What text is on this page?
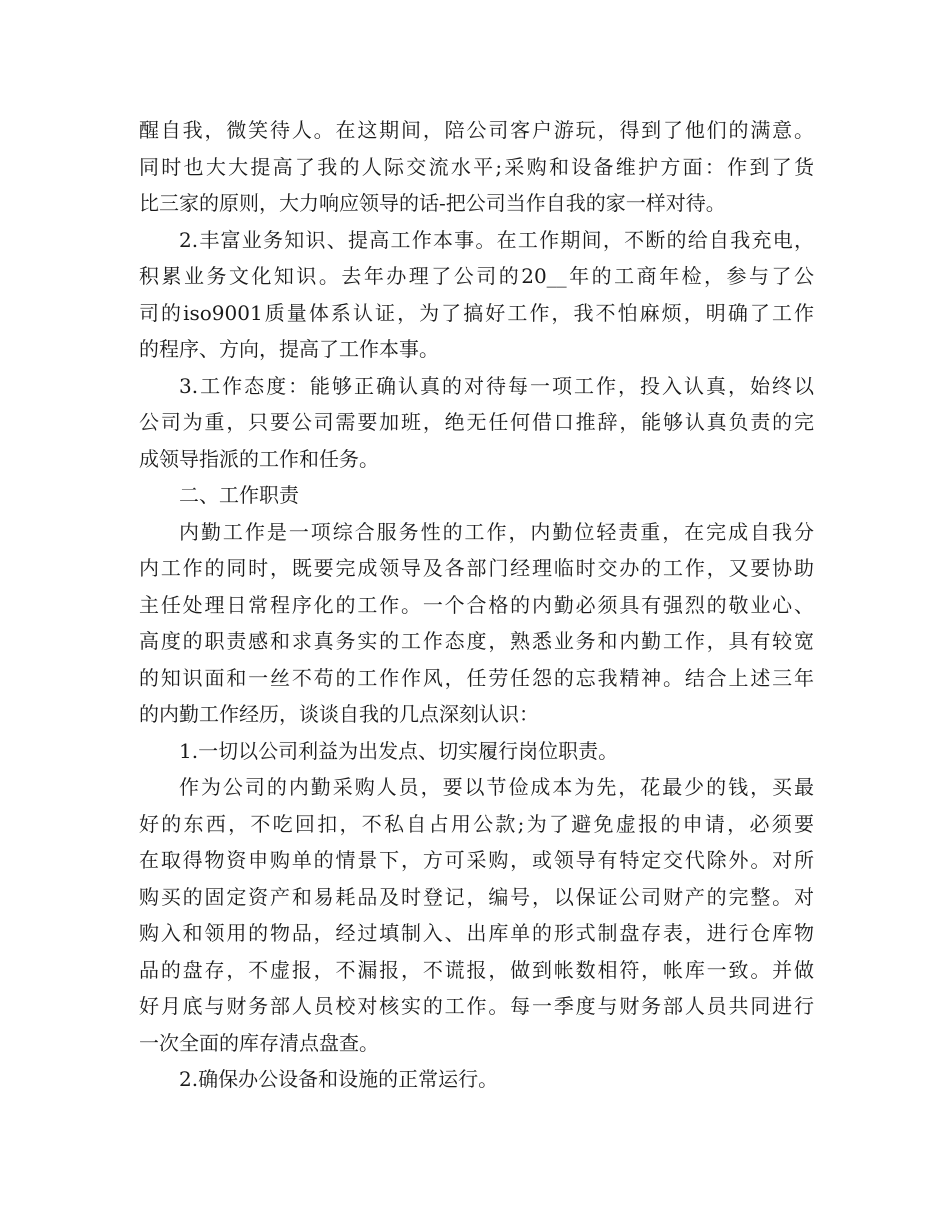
醒自我，微笑待人。在这期间，陪公司客户游玩，得到了他们的满意。
同时也大大提高了我的人际交流水平;采购和设备维护方面：作到了货
比三家的原则，大力响应领导的话-把公司当作自我的家一样对待。
2.丰富业务知识、提高工作本事。在工作期间，不断的给自我充电，
积累业务文化知识。去年办理了公司的20__年的工商年检，参与了公
司的iso9001质量体系认证，为了搞好工作，我不怕麻烦，明确了工作
的程序、方向，提高了工作本事。
3.工作态度：能够正确认真的对待每一项工作，投入认真，始终以
公司为重，只要公司需要加班，绝无任何借口推辞，能够认真负责的完
成领导指派的工作和任务。
二、工作职责
内勤工作是一项综合服务性的工作，内勤位轻责重，在完成自我分
内工作的同时，既要完成领导及各部门经理临时交办的工作，又要协助
主任处理日常程序化的工作。一个合格的内勤必须具有强烈的敬业心、
高度的职责感和求真务实的工作态度，熟悉业务和内勤工作，具有较宽
的知识面和一丝不苟的工作作风，任劳任怨的忘我精神。结合上述三年
的内勤工作经历，谈谈自我的几点深刻认识：
1.一切以公司利益为出发点、切实履行岗位职责。
作为公司的内勤采购人员，要以节俭成本为先，花最少的钱，买最
好的东西，不吃回扣，不私自占用公款;为了避免虚报的申请，必须要
在取得物资申购单的情景下，方可采购，或领导有特定交代除外。对所
购买的固定资产和易耗品及时登记，编号，以保证公司财产的完整。对
购入和领用的物品，经过填制入、出库单的形式制盘存表，进行仓库物
品的盘存，不虚报，不漏报，不谎报，做到帐数相符，帐库一致。并做
好月底与财务部人员校对核实的工作。每一季度与财务部人员共同进行
一次全面的库存清点盘查。
2.确保办公设备和设施的正常运行。
